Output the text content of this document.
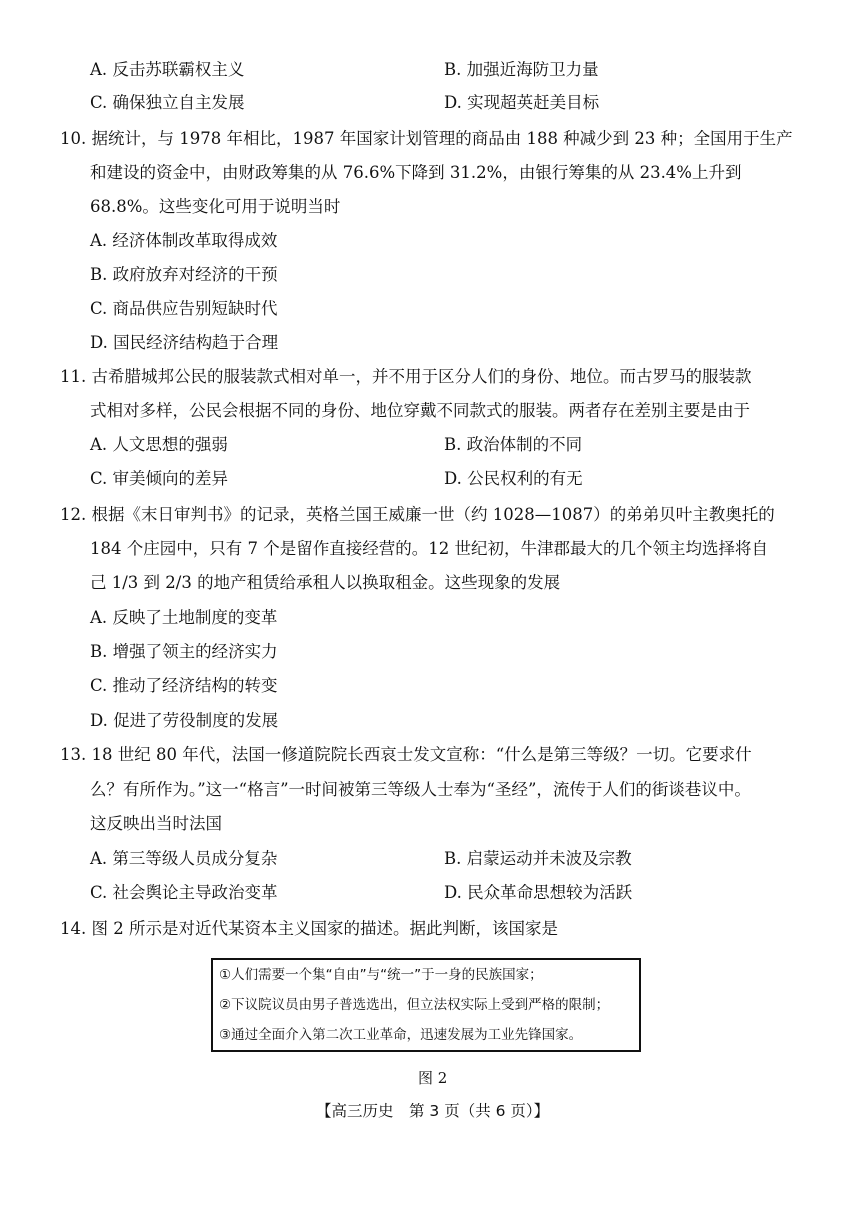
A. 反击苏联霸权主义	B. 加强近海防卫力量
C. 确保独立自主发展	D. 实现超英赶美目标
10. 据统计，与 1978 年相比，1987 年国家计划管理的商品由 188 种减少到 23 种；全国用于生产
和建设的资金中，由财政筹集的从 76.6%下降到 31.2%，由银行筹集的从 23.4%上升到
68.8%。这些变化可用于说明当时
A. 经济体制改革取得成效
B. 政府放弃对经济的干预
C. 商品供应告别短缺时代
D. 国民经济结构趋于合理
11. 古希腊城邦公民的服装款式相对单一，并不用于区分人们的身份、地位。而古罗马的服装款
式相对多样，公民会根据不同的身份、地位穿戴不同款式的服装。两者存在差别主要是由于
A. 人文思想的强弱	B. 政治体制的不同
C. 审美倾向的差异	D. 公民权利的有无
12. 根据《末日审判书》的记录，英格兰国王威廉一世（约 1028—1087）的弟弟贝叶主教奥托的
184 个庄园中，只有 7 个是留作直接经营的。12 世纪初，牛津郡最大的几个领主均选择将自
己 1/3 到 2/3 的地产租赁给承租人以换取租金。这些现象的发展
A. 反映了土地制度的变革
B. 增强了领主的经济实力
C. 推动了经济结构的转变
D. 促进了劳役制度的发展
13. 18 世纪 80 年代，法国一修道院院长西哀士发文宣称：“什么是第三等级？一切。它要求什
么？有所作为。”这一“格言”一时间被第三等级人士奉为“圣经”，流传于人们的街谈巷议中。
这反映出当时法国
A. 第三等级人员成分复杂	B. 启蒙运动并未波及宗教
C. 社会舆论主导政治变革	D. 民众革命思想较为活跃
14. 图 2 所示是对近代某资本主义国家的描述。据此判断，该国家是
①人们需要一个集“自由”与“统一”于一身的民族国家；
②下议院议员由男子普选选出，但立法权实际上受到严格的限制；
③通过全面介入第二次工业革命，迅速发展为工业先锋国家。
图 2
【高三历史　第 3 页（共 6 页）】
